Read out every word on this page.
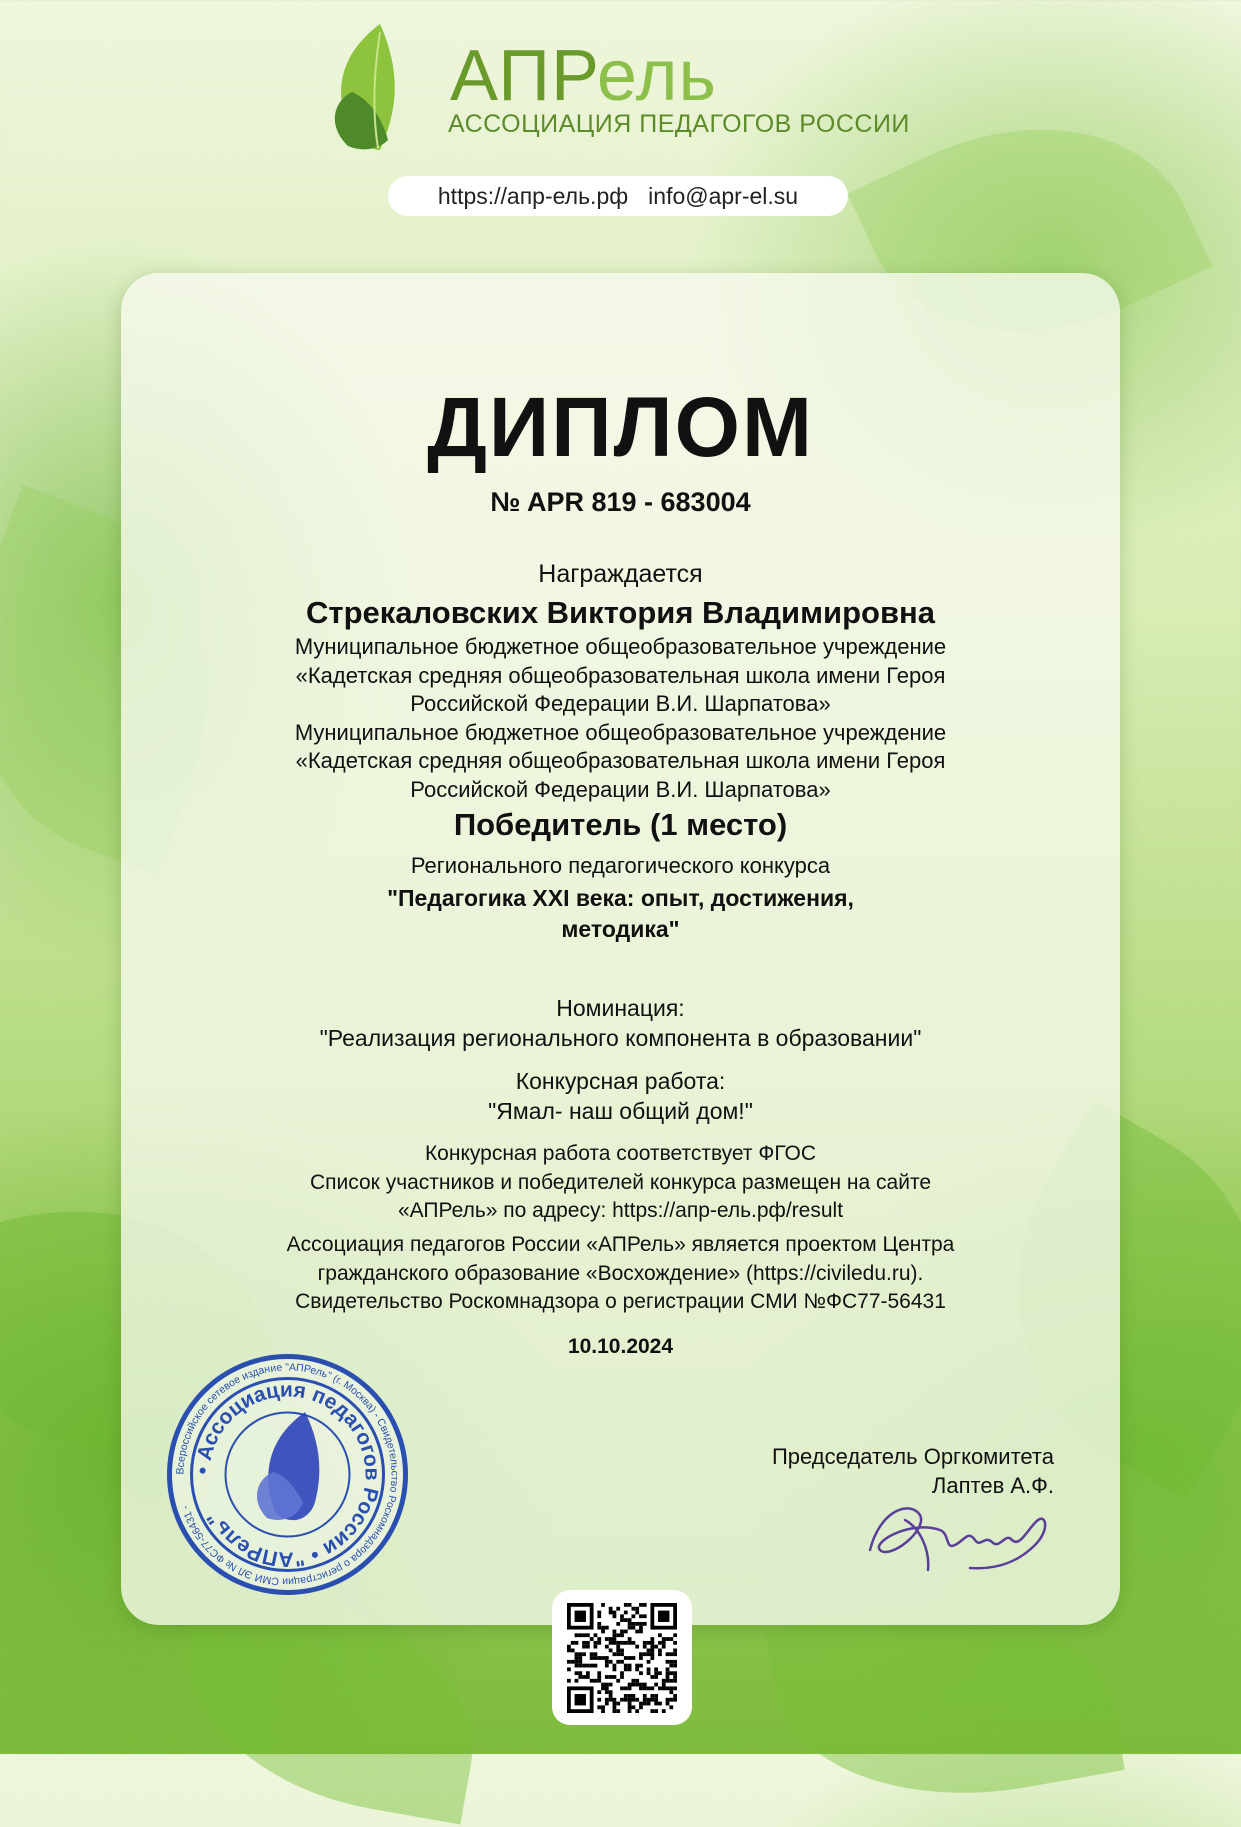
АПРель
АССОЦИАЦИЯ ПЕДАГОГОВ РОССИИ
https://апр-ель.рф info@apr-el.su
ДИПЛОМ
№ APR 819 - 683004
Награждается
Стрекаловских Виктория Владимировна
Муниципальное бюджетное общеобразовательное учреждение
«Кадетская средняя общеобразовательная школа имени Героя
Российской Федерации В.И. Шарпатова»
Муниципальное бюджетное общеобразовательное учреждение
«Кадетская средняя общеобразовательная школа имени Героя
Российской Федерации В.И. Шарпатова»
Победитель (1 место)
Регионального педагогического конкурса
"Педагогика XXI века: опыт, достижения,
методика"
Номинация:
"Реализация регионального компонента в образовании"
Конкурсная работа:
"Ямал- наш общий дом!"
Конкурсная работа соответствует ФГОС
Список участников и победителей конкурса размещен на сайте
«АПРель» по адресу: https://апр-ель.рф/result
Ассоциация педагогов России «АПРель» является проектом Центра
гражданского образование «Восхождение» (https://civiledu.ru).
Свидетельство Роскомнадзора о регистрации СМИ №ФС77-56431
10.10.2024
Председатель Оргкомитета
Лаптев А.Ф.
Всероссийское сетевое издание "АПРель" (г. Москва) - Свидетельство Роскомнадзора о регистрации СМИ ЭЛ № ФС77-56431 -
• Ассоциация педагогов России • "АПРель"
